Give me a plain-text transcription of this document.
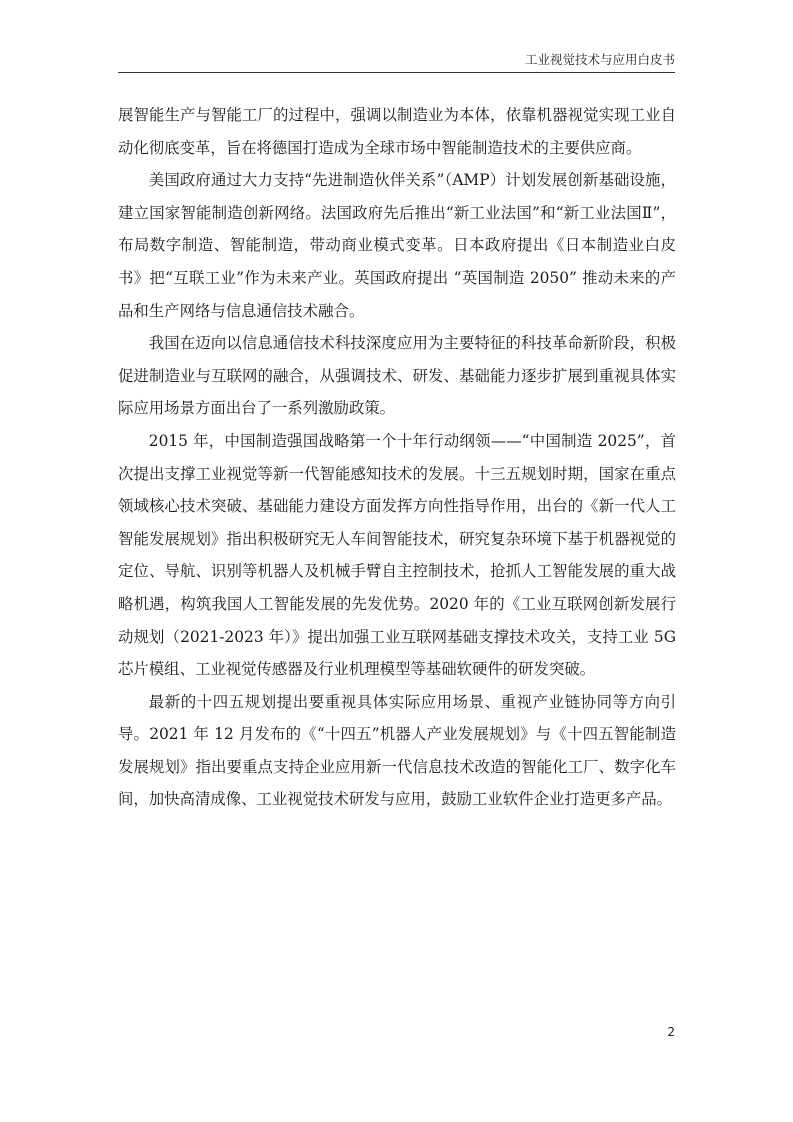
工业视觉技术与应用白皮书

展智能生产与智能工厂的过程中，强调以制造业为本体，依靠机器视觉实现工业自动化彻底变革，旨在将德国打造成为全球市场中智能制造技术的主要供应商。

美国政府通过大力支持“先进制造伙伴关系”（AMP）计划发展创新基础设施，建立国家智能制造创新网络。法国政府先后推出“新工业法国”和“新工业法国Ⅱ”，布局数字制造、智能制造，带动商业模式变革。日本政府提出《日本制造业白皮书》把“互联工业”作为未来产业。英国政府提出 “英国制造 2050” 推动未来的产品和生产网络与信息通信技术融合。

我国在迈向以信息通信技术科技深度应用为主要特征的科技革命新阶段，积极促进制造业与互联网的融合，从强调技术、研发、基础能力逐步扩展到重视具体实际应用场景方面出台了一系列激励政策。

2015 年，中国制造强国战略第一个十年行动纲领——“中国制造 2025”，首次提出支撑工业视觉等新一代智能感知技术的发展。十三五规划时期，国家在重点领域核心技术突破、基础能力建设方面发挥方向性指导作用，出台的《新一代人工智能发展规划》指出积极研究无人车间智能技术，研究复杂环境下基于机器视觉的定位、导航、识别等机器人及机械手臂自主控制技术，抢抓人工智能发展的重大战略机遇，构筑我国人工智能发展的先发优势。2020 年的《工业互联网创新发展行动规划（2021-2023 年）》提出加强工业互联网基础支撑技术攻关，支持工业 5G 芯片模组、工业视觉传感器及行业机理模型等基础软硬件的研发突破。

最新的十四五规划提出要重视具体实际应用场景、重视产业链协同等方向引导。2021 年 12 月发布的《“十四五”机器人产业发展规划》与《十四五智能制造发展规划》指出要重点支持企业应用新一代信息技术改造的智能化工厂、数字化车间，加快高清成像、工业视觉技术研发与应用，鼓励工业软件企业打造更多产品。

2
